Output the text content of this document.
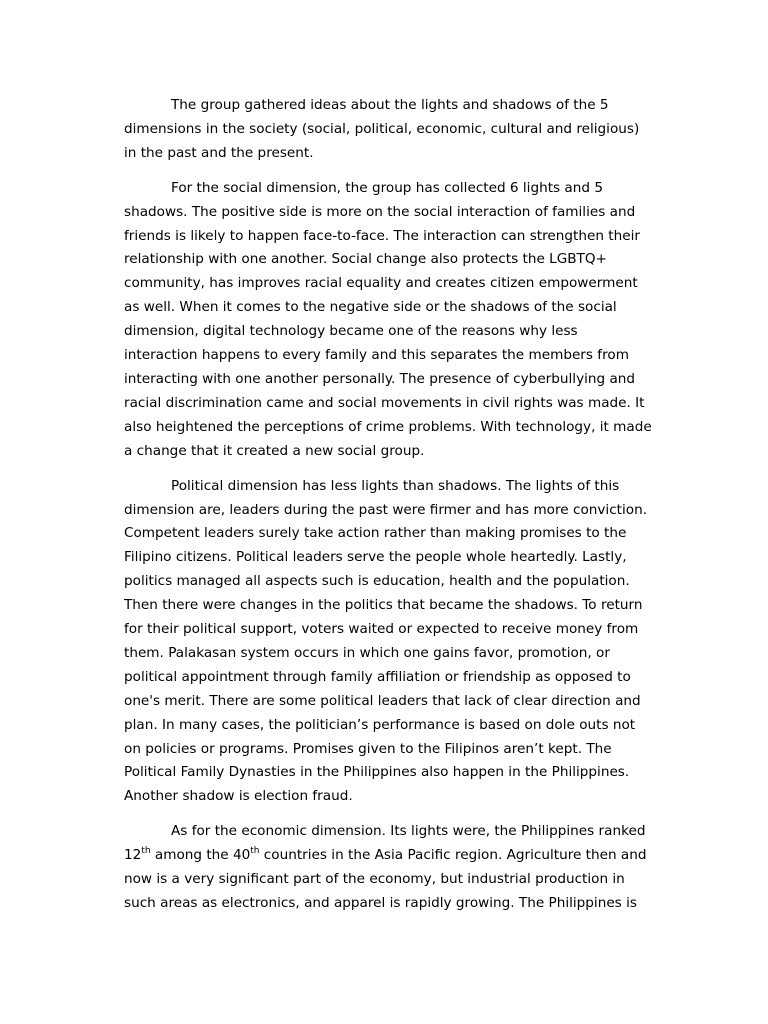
The group gathered ideas about the lights and shadows of the 5 dimensions in the society (social, political, economic, cultural and religious) in the past and the present.

For the social dimension, the group has collected 6 lights and 5 shadows. The positive side is more on the social interaction of families and friends is likely to happen face-to-face. The interaction can strengthen their relationship with one another. Social change also protects the LGBTQ+ community, has improves racial equality and creates citizen empowerment as well. When it comes to the negative side or the shadows of the social dimension, digital technology became one of the reasons why less interaction happens to every family and this separates the members from interacting with one another personally. The presence of cyberbullying and racial discrimination came and social movements in civil rights was made. It also heightened the perceptions of crime problems. With technology, it made a change that it created a new social group.

Political dimension has less lights than shadows. The lights of this dimension are, leaders during the past were firmer and has more conviction. Competent leaders surely take action rather than making promises to the Filipino citizens. Political leaders serve the people whole heartedly. Lastly, politics managed all aspects such is education, health and the population. Then there were changes in the politics that became the shadows. To return for their political support, voters waited or expected to receive money from them. Palakasan system occurs in which one gains favor, promotion, or political appointment through family affiliation or friendship as opposed to one's merit. There are some political leaders that lack of clear direction and plan. In many cases, the politician’s performance is based on dole outs not on policies or programs. Promises given to the Filipinos aren’t kept. The Political Family Dynasties in the Philippines also happen in the Philippines. Another shadow is election fraud.

As for the economic dimension. Its lights were, the Philippines ranked 12th among the 40th countries in the Asia Pacific region. Agriculture then and now is a very significant part of the economy, but industrial production in such areas as electronics, and apparel is rapidly growing. The Philippines is
